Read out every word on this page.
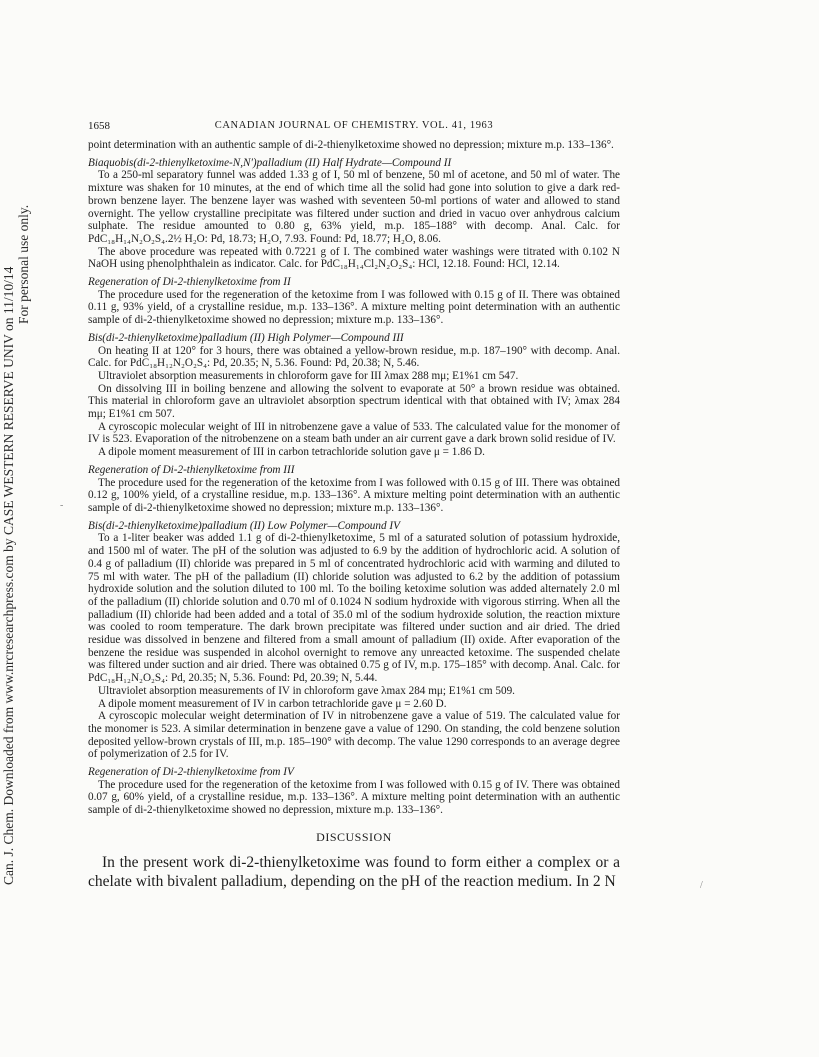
Can. J. Chem. Downloaded from www.nrcresearchpress.com by CASE WESTERN RESERVE UNIV on 11/10/14
For personal use only.
-
/
1658	CANADIAN JOURNAL OF CHEMISTRY. VOL. 41, 1963

point determination with an authentic sample of di-2-thienylketoxime showed no depression; mixture m.p. 133–136°.

Biaquobis(di-2-thienylketoxime-N,N′)palladium (II) Half Hydrate—Compound II

To a 250-ml separatory funnel was added 1.33 g of I, 50 ml of benzene, 50 ml of acetone, and 50 ml of water. The mixture was shaken for 10 minutes, at the end of which time all the solid had gone into solution to give a dark red-brown benzene layer. The benzene layer was washed with seventeen 50-ml portions of water and allowed to stand overnight. The yellow crystalline precipitate was filtered under suction and dried in vacuo over anhydrous calcium sulphate. The residue amounted to 0.80 g, 63% yield, m.p. 185–188° with decomp. Anal. Calc. for PdC₁₈H₁₄N₂O₂S₄.2½ H₂O: Pd, 18.73; H₂O, 7.93. Found: Pd, 18.77; H₂O, 8.06.

The above procedure was repeated with 0.7221 g of I. The combined water washings were titrated with 0.102 N NaOH using phenolphthalein as indicator. Calc. for PdC₁₈H₁₄Cl₂N₂O₂S₄: HCl, 12.18. Found: HCl, 12.14.

Regeneration of Di-2-thienylketoxime from II

The procedure used for the regeneration of the ketoxime from I was followed with 0.15 g of II. There was obtained 0.11 g, 93% yield, of a crystalline residue, m.p. 133–136°. A mixture melting point determination with an authentic sample of di-2-thienylketoxime showed no depression; mixture m.p. 133–136°.

Bis(di-2-thienylketoxime)palladium (II) High Polymer—Compound III

On heating II at 120° for 3 hours, there was obtained a yellow-brown residue, m.p. 187–190° with decomp. Anal. Calc. for PdC₁₈H₁₂N₂O₂S₄: Pd, 20.35; N, 5.36. Found: Pd, 20.38; N, 5.46.

Ultraviolet absorption measurements in chloroform gave for III λmax 288 mμ; E1%1 cm 547.

On dissolving III in boiling benzene and allowing the solvent to evaporate at 50° a brown residue was obtained. This material in chloroform gave an ultraviolet absorption spectrum identical with that obtained with IV; λmax 284 mμ; E1%1 cm 507.

A cyroscopic molecular weight of III in nitrobenzene gave a value of 533. The calculated value for the monomer of IV is 523. Evaporation of the nitrobenzene on a steam bath under an air current gave a dark brown solid residue of IV.

A dipole moment measurement of III in carbon tetrachloride solution gave μ = 1.86 D.

Regeneration of Di-2-thienylketoxime from III

The procedure used for the regeneration of the ketoxime from I was followed with 0.15 g of III. There was obtained 0.12 g, 100% yield, of a crystalline residue, m.p. 133–136°. A mixture melting point determination with an authentic sample of di-2-thienylketoxime showed no depression; mixture m.p. 133–136°.

Bis(di-2-thienylketoxime)palladium (II) Low Polymer—Compound IV

To a 1-liter beaker was added 1.1 g of di-2-thienylketoxime, 5 ml of a saturated solution of potassium hydroxide, and 1500 ml of water. The pH of the solution was adjusted to 6.9 by the addition of hydrochloric acid. A solution of 0.4 g of palladium (II) chloride was prepared in 5 ml of concentrated hydrochloric acid with warming and diluted to 75 ml with water. The pH of the palladium (II) chloride solution was adjusted to 6.2 by the addition of potassium hydroxide solution and the solution diluted to 100 ml. To the boiling ketoxime solution was added alternately 2.0 ml of the palladium (II) chloride solution and 0.70 ml of 0.1024 N sodium hydroxide with vigorous stirring. When all the palladium (II) chloride had been added and a total of 35.0 ml of the sodium hydroxide solution, the reaction mixture was cooled to room temperature. The dark brown precipitate was filtered under suction and air dried. The dried residue was dissolved in benzene and filtered from a small amount of palladium (II) oxide. After evaporation of the benzene the residue was suspended in alcohol overnight to remove any unreacted ketoxime. The suspended chelate was filtered under suction and air dried. There was obtained 0.75 g of IV, m.p. 175–185° with decomp. Anal. Calc. for PdC₁₈H₁₂N₂O₂S₄: Pd, 20.35; N, 5.36. Found: Pd, 20.39; N, 5.44.

Ultraviolet absorption measurements of IV in chloroform gave λmax 284 mμ; E1%1 cm 509.

A dipole moment measurement of IV in carbon tetrachloride gave μ = 2.60 D.

A cyroscopic molecular weight determination of IV in nitrobenzene gave a value of 519. The calculated value for the monomer is 523. A similar determination in benzene gave a value of 1290. On standing, the cold benzene solution deposited yellow-brown crystals of III, m.p. 185–190° with decomp. The value 1290 corresponds to an average degree of polymerization of 2.5 for IV.

Regeneration of Di-2-thienylketoxime from IV

The procedure used for the regeneration of the ketoxime from I was followed with 0.15 g of IV. There was obtained 0.07 g, 60% yield, of a crystalline residue, m.p. 133–136°. A mixture melting point determination with an authentic sample of di-2-thienylketoxime showed no depression, mixture m.p. 133–136°.

DISCUSSION

In the present work di-2-thienylketoxime was found to form either a complex or a chelate with bivalent palladium, depending on the pH of the reaction medium. In 2 N
